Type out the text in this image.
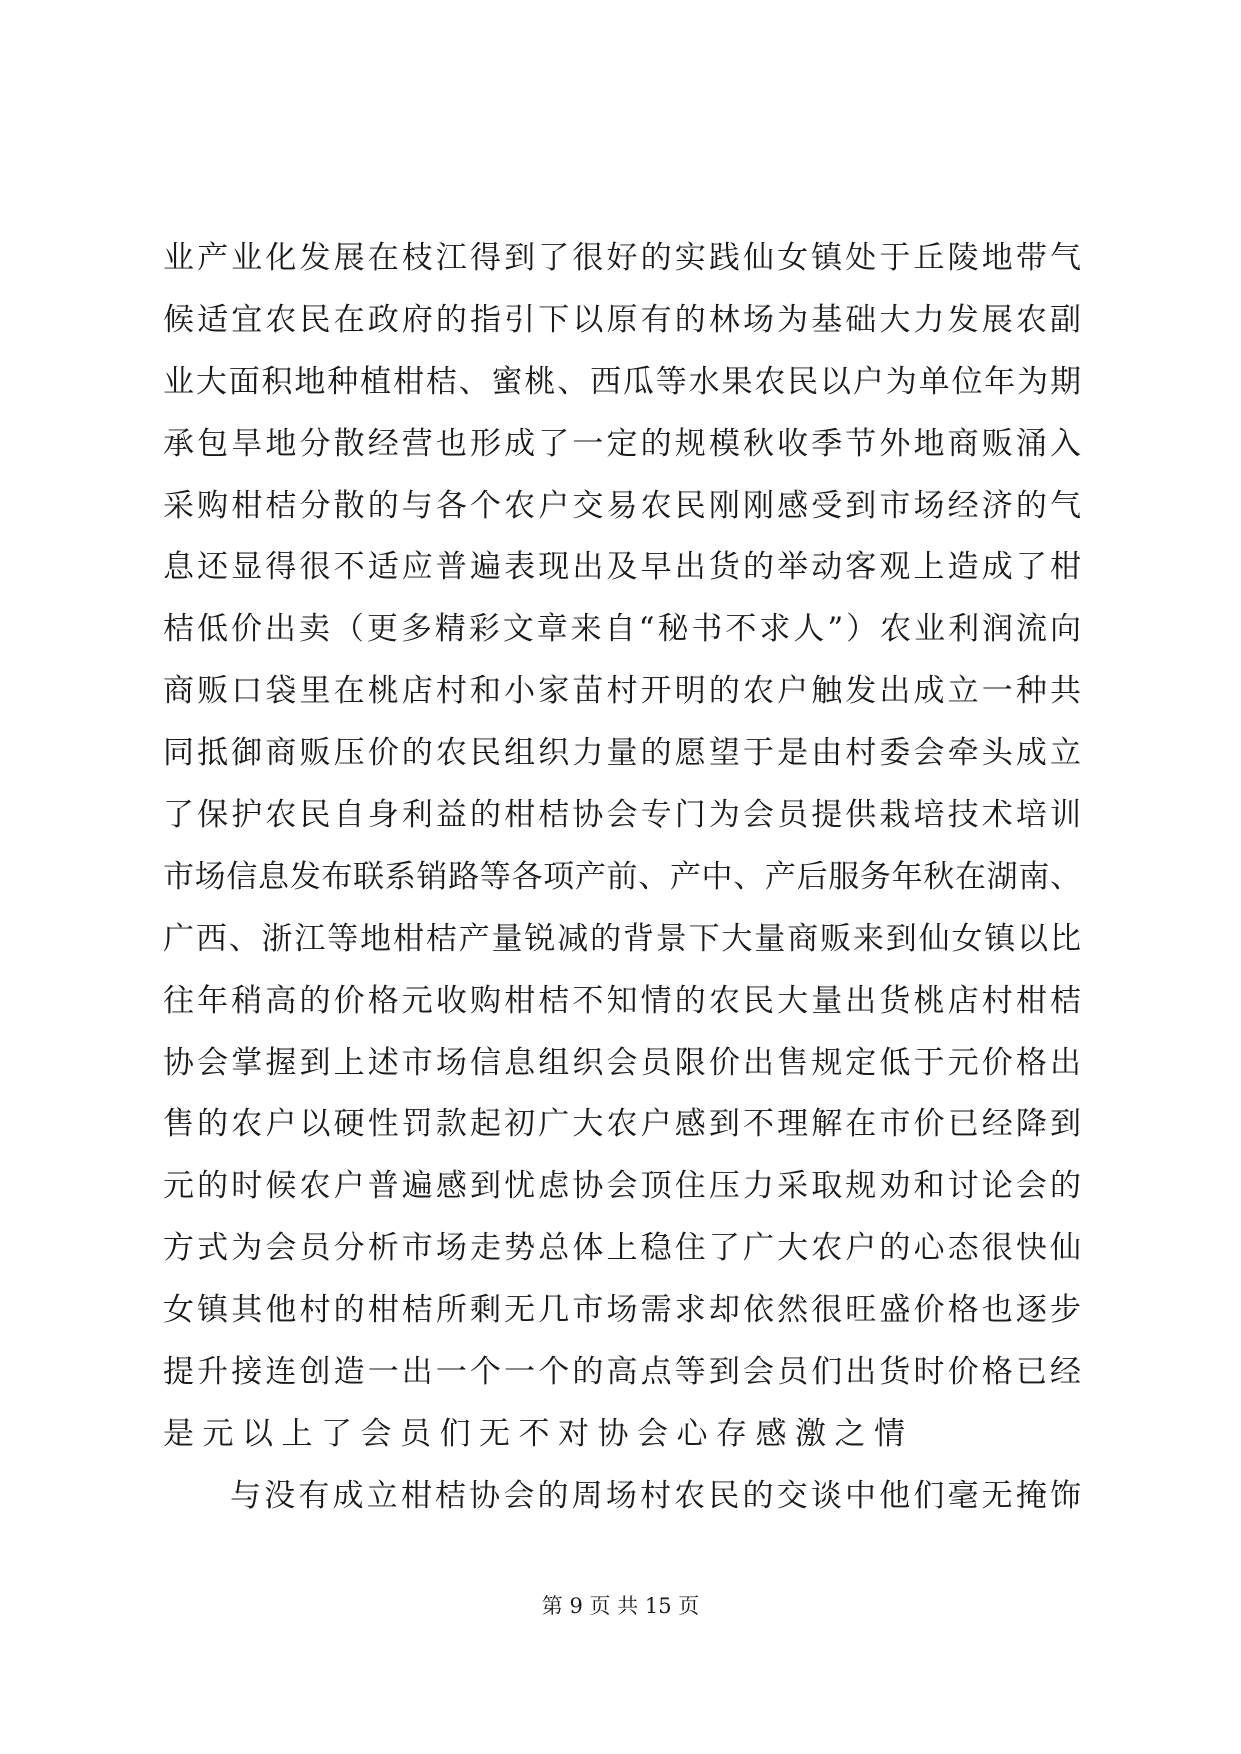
业产业化发展在枝江得到了很好的实践仙女镇处于丘陵地带气
候适宜农民在政府的指引下以原有的林场为基础大力发展农副
业大面积地种植柑桔、蜜桃、西瓜等水果农民以户为单位年为期
承包旱地分散经营也形成了一定的规模秋收季节外地商贩涌入
采购柑桔分散的与各个农户交易农民刚刚感受到市场经济的气
息还显得很不适应普遍表现出及早出货的举动客观上造成了柑
桔低价出卖（更多精彩文章来自“秘书不求人”）农业利润流向
商贩口袋里在桃店村和小家苗村开明的农户触发出成立一种共
同抵御商贩压价的农民组织力量的愿望于是由村委会牵头成立
了保护农民自身利益的柑桔协会专门为会员提供栽培技术培训
市场信息发布联系销路等各项产前、产中、产后服务年秋在湖南、
广西、浙江等地柑桔产量锐减的背景下大量商贩来到仙女镇以比
往年稍高的价格元收购柑桔不知情的农民大量出货桃店村柑桔
协会掌握到上述市场信息组织会员限价出售规定低于元价格出
售的农户以硬性罚款起初广大农户感到不理解在市价已经降到
元的时候农户普遍感到忧虑协会顶住压力采取规劝和讨论会的
方式为会员分析市场走势总体上稳住了广大农户的心态很快仙
女镇其他村的柑桔所剩无几市场需求却依然很旺盛价格也逐步
提升接连创造一出一个一个的高点等到会员们出货时价格已经
是元以上了会员们无不对协会心存感激之情
与没有成立柑桔协会的周场村农民的交谈中他们毫无掩饰
第 9 页 共 15 页
